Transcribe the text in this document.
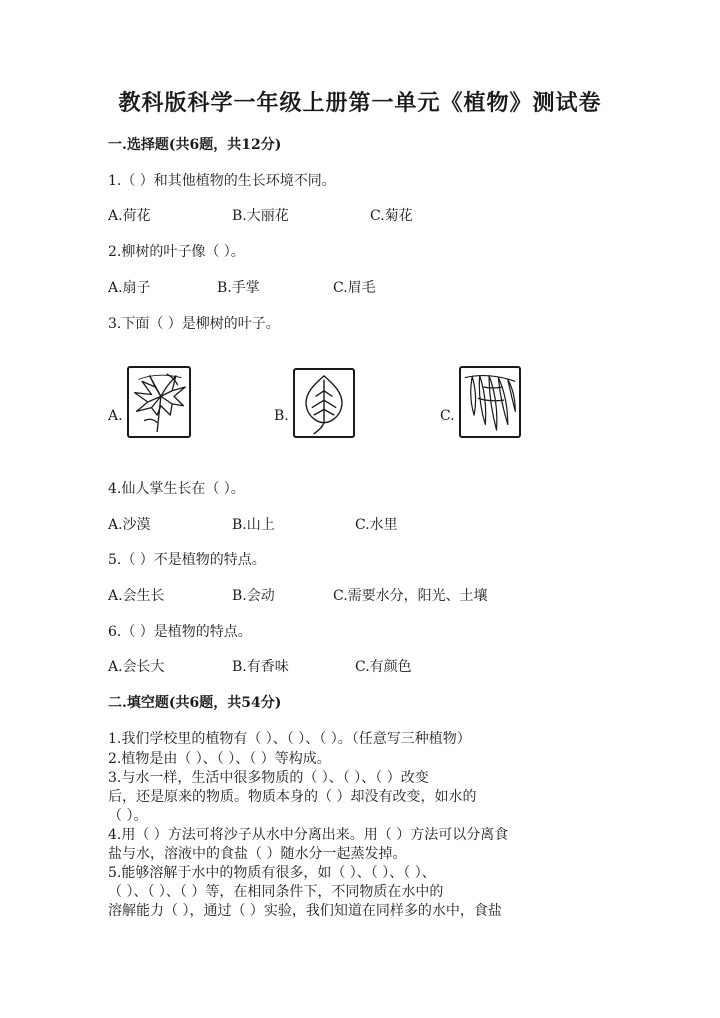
教科版科学一年级上册第一单元《植物》测试卷
一.选择题(共6题，共12分)
1.（ ）和其他植物的生长环境不同。
A.荷花	B.大丽花	C.菊花
2.柳树的叶子像（ ）。
A.扇子	B.手掌	C.眉毛
3.下面（ ）是柳树的叶子。
A.	B.	C.
4.仙人掌生长在（ ）。
A.沙漠	B.山上	C.水里
5.（ ）不是植物的特点。
A.会生长	B.会动	C.需要水分，阳光、土壤
6.（ ）是植物的特点。
A.会长大	B.有香味	C.有颜色
二.填空题(共6题，共54分)
1.我们学校里的植物有（ ）、（ ）、（ ）。（任意写三种植物）
2.植物是由（ ）、（ ）、（ ）等构成。
3.与水一样，生活中很多物质的（ ）、（ ）、（ ）改变
后，还是原来的物质。物质本身的（ ）却没有改变，如水的
（ ）。
4.用（ ）方法可将沙子从水中分离出来。用（ ）方法可以分离食
盐与水，溶液中的食盐（ ）随水分一起蒸发掉。
5.能够溶解于水中的物质有很多，如（ ）、（ ）、（ ）、
（ ）、（ ）、（ ）等，在相同条件下，不同物质在水中的
溶解能力（ ），通过（ ）实验，我们知道在同样多的水中，食盐
